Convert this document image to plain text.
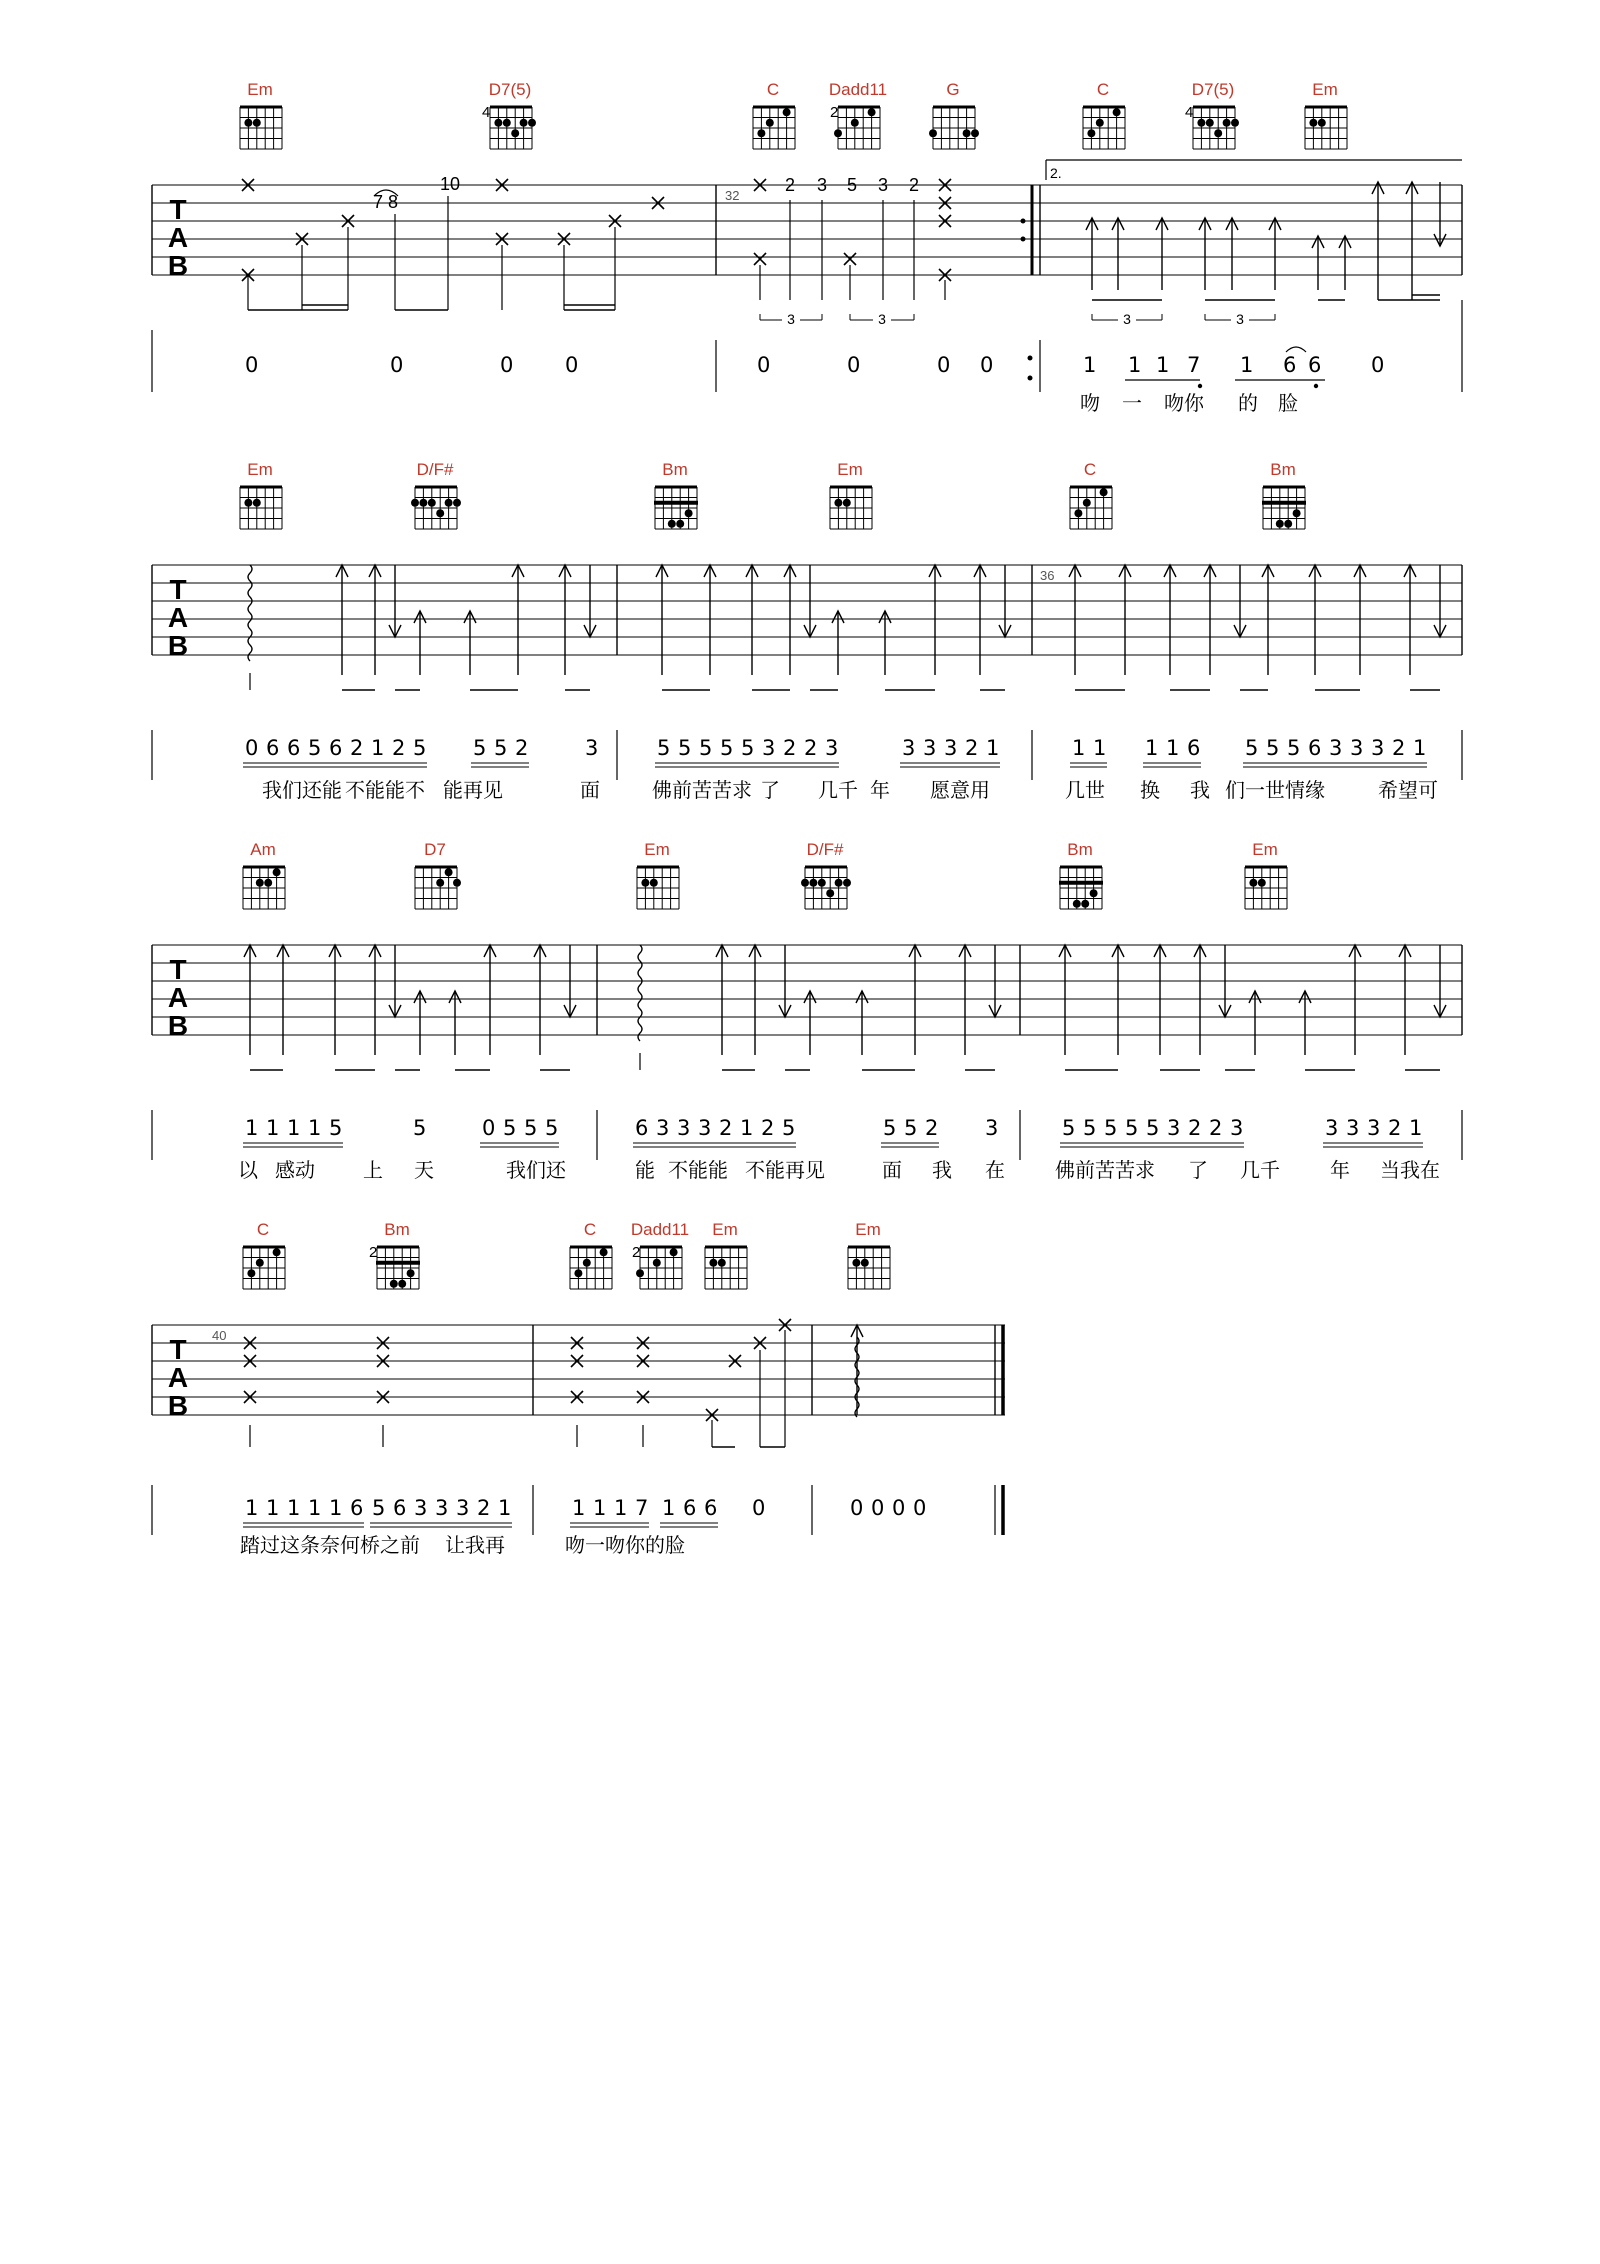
Em	D7(5)
4
C	Dadd11
2
G	C	D7(5)
4
Em
T
A
B
32
2.
7 8
10	2 3 5 3 2
3	3	3	3
0	0	0 0	0	0	0 0	1 1 1 7 1 6 6 0
吻 一 吻你 的 脸
Em	D/F#	Bm	Em	C	Bm
T
A
B
36
0 6 6 5 6 2 1 2 5 5 5 2	3	5 5 5 5 5 3 2 2 3	3 3 3 2 1	1 1 1 1 6 5 5 5 6 3 3 3 2 1
我们还能 不能能不 能再见	面	佛前苦苦求 了 几千 年 愿意用	几世 换 我 们一世情缘	希望可
Am	D7	Em	D/F#	Bm	Em
T
A
B
1 1 1 1 5	5	0 5 5 5	6 3 3 3 2 1 2 5	5 5 2 3	5 5 5 5 5 3 2 2 3	3 3 3 2 1
以 感动 上 天	我们还	能 不能能 不能再见	面 我 在	佛前苦苦求 了 几千	年 当我在
C	Bm
2
C Dadd11
2
Em	Em
T
A
B
40
1 1 1 1 1 6 5 6 3 3 3 2 1	1 1 1 7 1 6 6 0	0 0 0 0
踏过这条奈何桥之前 让我再	吻一吻你的脸
